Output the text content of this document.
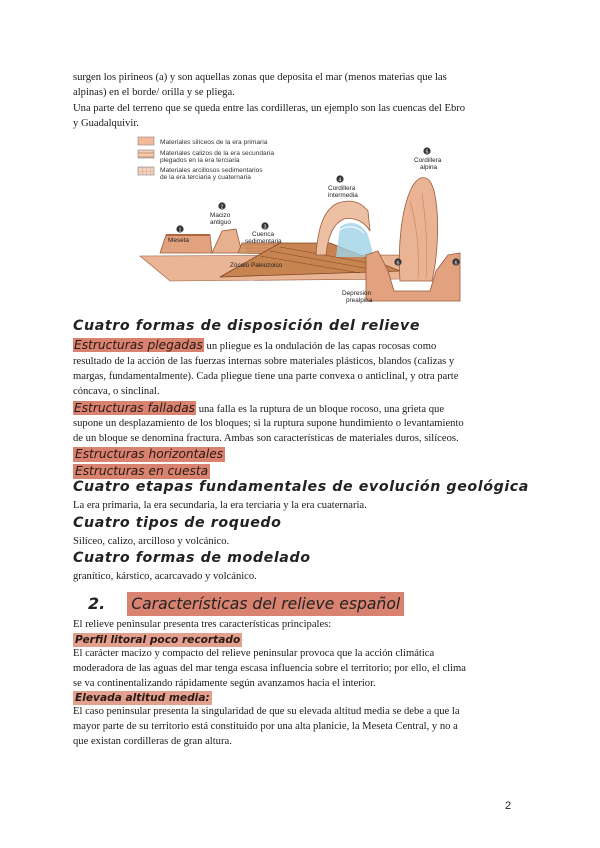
surgen los pirineos (a) y son aquellas zonas que deposita el mar (menos materias que las

alpinas) en el borde/ orilla y se pliega.

Una parte del terreno que se queda entre las cordilleras, un ejemplo son las cuencas del Ebro

y Guadalquivir.

Materiales silíceos de la era primaria
Materiales calizos de la era secundaria
plegados en la era terciaria
Materiales arcillosos sedimentarios
de la era terciaria y cuaternaria
1
Meseta
2
Macizo
antiguo
3
Cuenca
sedimentaria
4
Cordillera
intermedia
5
Cordillera
alpina
6	6
Zócalo Paleozoico
Depresión
prealpina
Cuatro formas de disposición del relieve

Estructuras plegadas un pliegue es la ondulación de las capas rocosas como

resultado de la acción de las fuerzas internas sobre materiales plásticos, blandos (calizas y

margas, fundamentalmente). Cada pliegue tiene una parte convexa o anticlinal, y otra parte

cóncava, o sinclinal.

Estructuras falladas una falla es la ruptura de un bloque rocoso, una grieta que

supone un desplazamiento de los bloques; si la ruptura supone hundimiento o levantamiento

de un bloque se denomina fractura. Ambas son características de materiales duros, silíceos.

Estructuras horizontales
Estructuras en cuesta
Cuatro etapas fundamentales de evolución geológica

La era primaria, la era secundaria, la era terciaria y la era cuaternaria.

Cuatro tipos de roquedo

Silíceo, calizo, arcilloso y volcánico.

Cuatro formas de modelado

granítico, kárstico, acarcavado y volcánico.

2. Características del relieve español

El relieve peninsular presenta tres características principales:

Perfil litoral poco recortado

El carácter macizo y compacto del relieve peninsular provoca que la acción climática

moderadora de las aguas del mar tenga escasa influencia sobre el territorio; por ello, el clima

se va continentalizando rápidamente según avanzamos hacia el interior.

Elevada altitud media:

El caso peninsular presenta la singularidad de que su elevada altitud media se debe a que la

mayor parte de su territorio está constituido por una alta planicie, la Meseta Central, y no a

que existan cordilleras de gran altura.

2
